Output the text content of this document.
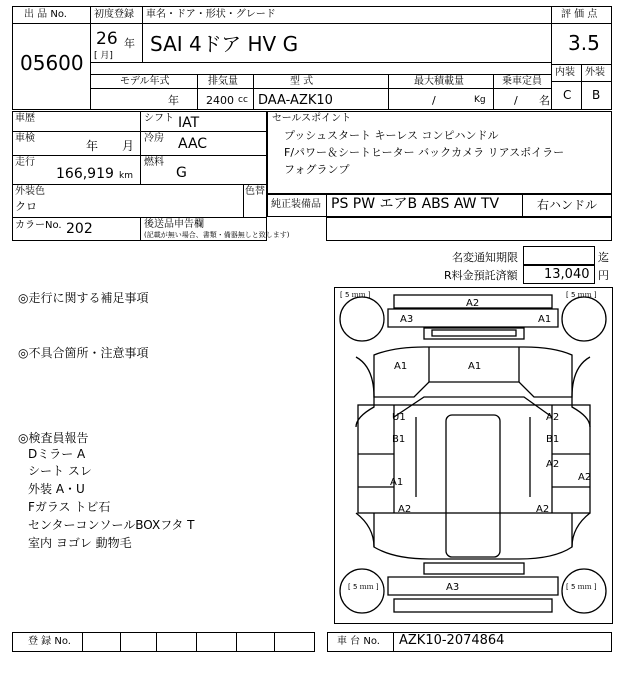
出 品 No.
05600
初度登録 車名・ドア・形状・グレード
26 年
[ 月] SAI 4ドア HV G
評 価 点
3.5
内装 外装
C B
モデル年式	排気量	型 式	最大積載量	乗車定員
年 2400 cc DAA-AZK10	/	Kg	/ 名
車歴	シフト IAT
車検
年 月
冷房 AAC
走行
166,919 km
燃料
G
外装色
クロ
色替
カラーNo. 202	後送品申告欄
(記載が無い場合、書類・備器無しと致します)
セールスポイント
プッシュスタート キーレス コンピハンドル
F/パワー＆シートヒーター バックカメラ リアスポイラー
フォグランプ
純正装備品 PS PW エアB ABS AW TV	右ハンドル
名変通知期限	迄
R料金預託済額 13,040 円
◎走行に関する補足事項
◎不具合箇所・注意事項
◎検査員報告
Dミラー A
シート スレ
外装 A・U
Fガラス トビ石
センターコンソールBOXフタ T
室内 ヨゴレ 動物毛
[ 5 ｍｍ ]	[ 5 ｍｍ ]
[ 5 ｍｍ ]	[ 5 ｍｍ ]
A2
A3	A1
A1	A1
U1
B1
A1
A2
A2
B1
A2
A2
A2
A3
登 録 No.	車 台 No. AZK10-2074864
